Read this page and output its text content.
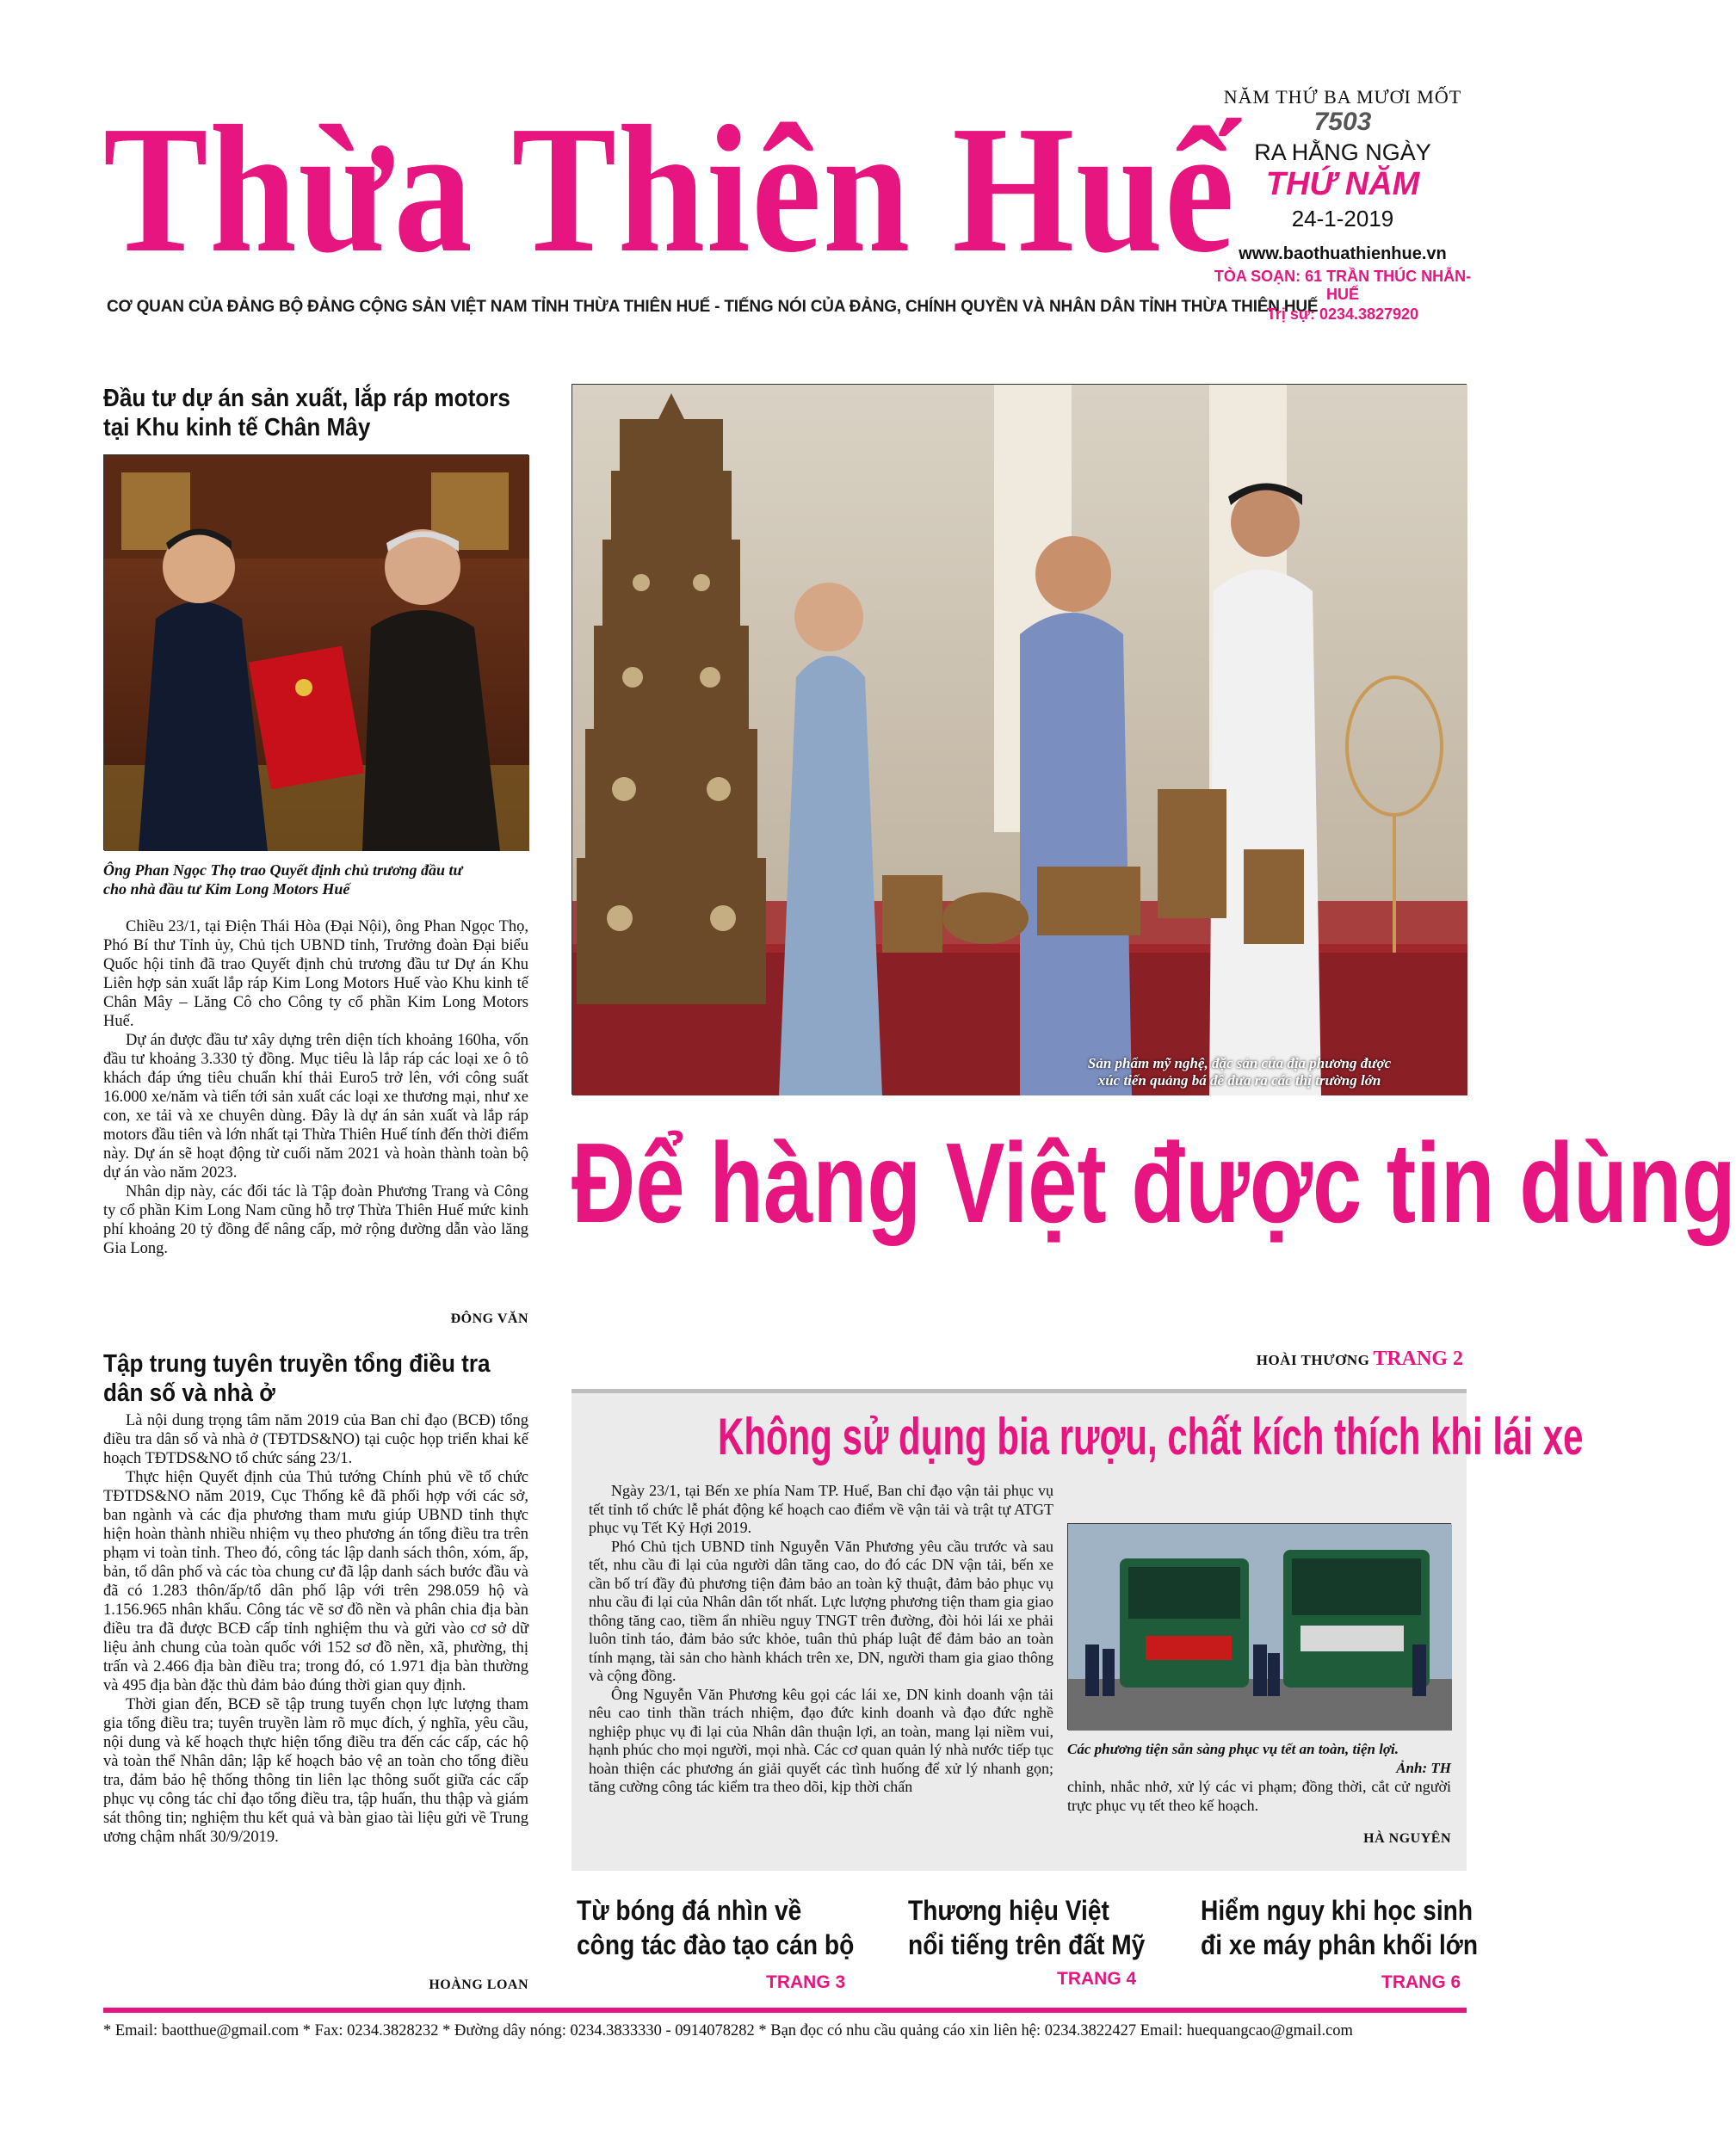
Thừa Thiên Huế
CƠ QUAN CỦA ĐẢNG BỘ ĐẢNG CỘNG SẢN VIỆT NAM TỈNH THỪA THIÊN HUẾ - TIẾNG NÓI CỦA ĐẢNG, CHÍNH QUYỀN VÀ NHÂN DÂN TỈNH THỪA THIÊN HUẾ
NĂM THỨ BA MƯƠI MỐT
7503
RA HẰNG NGÀY
THỨ NĂM
24-1-2019
www.baothuathienhue.vn
TÒA SOẠN: 61 TRẦN THÚC NHẪN-HUẾ
Trị sự: 0234.3827920
Đầu tư dự án sản xuất, lắp ráp motors
tại Khu kinh tế Chân Mây
Ông Phan Ngọc Thọ trao Quyết định chủ trương đầu tư
cho nhà đầu tư Kim Long Motors Huế

Chiều 23/1, tại Điện Thái Hòa (Đại Nội), ông Phan Ngọc Thọ, Phó Bí thư Tỉnh ủy, Chủ tịch UBND tỉnh, Trưởng đoàn Đại biểu Quốc hội tỉnh đã trao Quyết định chủ trương đầu tư Dự án Khu Liên hợp sản xuất lắp ráp Kim Long Motors Huế vào Khu kinh tế Chân Mây – Lăng Cô cho Công ty cổ phần Kim Long Motors Huế.

Dự án được đầu tư xây dựng trên diện tích khoảng 160ha, vốn đầu tư khoảng 3.330 tỷ đồng. Mục tiêu là lắp ráp các loại xe ô tô khách đáp ứng tiêu chuẩn khí thải Euro5 trở lên, với công suất 16.000 xe/năm và tiến tới sản xuất các loại xe thương mại, như xe con, xe tải và xe chuyên dùng. Đây là dự án sản xuất và lắp ráp motors đầu tiên và lớn nhất tại Thừa Thiên Huế tính đến thời điểm này. Dự án sẽ hoạt động từ cuối năm 2021 và hoàn thành toàn bộ dự án vào năm 2023.

Nhân dịp này, các đối tác là Tập đoàn Phương Trang và Công ty cổ phần Kim Long Nam cũng hỗ trợ Thừa Thiên Huế mức kinh phí khoảng 20 tỷ đồng để nâng cấp, mở rộng đường dẫn vào lăng Gia Long.

ĐÔNG VĂN
Tập trung tuyên truyền tổng điều tra
dân số và nhà ở

Là nội dung trọng tâm năm 2019 của Ban chỉ đạo (BCĐ) tổng điều tra dân số và nhà ở (TĐTDS&NO) tại cuộc họp triển khai kế hoạch TĐTDS&NO tổ chức sáng 23/1.

Thực hiện Quyết định của Thủ tướng Chính phủ về tổ chức TĐTDS&NO năm 2019, Cục Thống kê đã phối hợp với các sở, ban ngành và các địa phương tham mưu giúp UBND tỉnh thực hiện hoàn thành nhiều nhiệm vụ theo phương án tổng điều tra trên phạm vi toàn tỉnh. Theo đó, công tác lập danh sách thôn, xóm, ấp, bản, tổ dân phố và các tòa chung cư đã lập danh sách bước đầu và đã có 1.283 thôn/ấp/tổ dân phố lập với trên 298.059 hộ và 1.156.965 nhân khẩu. Công tác vẽ sơ đồ nền và phân chia địa bàn điều tra đã được BCĐ cấp tỉnh nghiệm thu và gửi vào cơ sở dữ liệu ảnh chung của toàn quốc với 152 sơ đồ nền, xã, phường, thị trấn và 2.466 địa bàn điều tra; trong đó, có 1.971 địa bàn thường và 495 địa bàn đặc thù đảm bảo đúng thời gian quy định.

Thời gian đến, BCĐ sẽ tập trung tuyển chọn lực lượng tham gia tổng điều tra; tuyên truyền làm rõ mục đích, ý nghĩa, yêu cầu, nội dung và kế hoạch thực hiện tổng điều tra đến các cấp, các hộ và toàn thể Nhân dân; lập kế hoạch bảo vệ an toàn cho tổng điều tra, đảm bảo hệ thống thông tin liên lạc thông suốt giữa các cấp phục vụ công tác chỉ đạo tổng điều tra, tập huấn, thu thập và giám sát thông tin; nghiệm thu kết quả và bàn giao tài liệu gửi về Trung ương chậm nhất 30/9/2019.

HOÀNG LOAN
Sản phẩm mỹ nghệ, đặc sản của địa phương được
xúc tiến quảng bá để đưa ra các thị trường lớn
Để hàng Việt được tin dùng
HOÀI THƯƠNG TRANG 2
Không sử dụng bia rượu, chất kích thích khi lái xe

Ngày 23/1, tại Bến xe phía Nam TP. Huế, Ban chỉ đạo vận tải phục vụ tết tỉnh tổ chức lễ phát động kế hoạch cao điểm về vận tải và trật tự ATGT phục vụ Tết Kỷ Hợi 2019.

Phó Chủ tịch UBND tỉnh Nguyễn Văn Phương yêu cầu trước và sau tết, nhu cầu đi lại của người dân tăng cao, do đó các DN vận tải, bến xe cần bố trí đầy đủ phương tiện đảm bảo an toàn kỹ thuật, đảm bảo phục vụ nhu cầu đi lại của Nhân dân tốt nhất. Lực lượng phương tiện tham gia giao thông tăng cao, tiềm ẩn nhiều nguy TNGT trên đường, đòi hỏi lái xe phải luôn tỉnh táo, đảm bảo sức khỏe, tuân thủ pháp luật để đảm bảo an toàn tính mạng, tài sản cho hành khách trên xe, DN, người tham gia giao thông và cộng đồng.

Ông Nguyễn Văn Phương kêu gọi các lái xe, DN kinh doanh vận tải nêu cao tinh thần trách nhiệm, đạo đức kinh doanh và đạo đức nghề nghiệp phục vụ đi lại của Nhân dân thuận lợi, an toàn, mang lại niềm vui, hạnh phúc cho mọi người, mọi nhà. Các cơ quan quản lý nhà nước tiếp tục hoàn thiện các phương án giải quyết các tình huống để xử lý nhanh gọn; tăng cường công tác kiểm tra theo dõi, kịp thời chấn

Các phương tiện sẵn sàng phục vụ tết an toàn, tiện lợi.
Ảnh: TH
chỉnh, nhắc nhở, xử lý các vi phạm; đồng thời, cắt cử người trực phục vụ tết theo kế hoạch.
HÀ NGUYÊN
Từ bóng đá nhìn về
công tác đào tạo cán bộ
TRANG 3
Thương hiệu Việt
nổi tiếng trên đất Mỹ
TRANG 4
Hiểm nguy khi học sinh
đi xe máy phân khối lớn
TRANG 6
* Email: baotthue@gmail.com * Fax: 0234.3828232 * Đường dây nóng: 0234.3833330 - 0914078282 * Bạn đọc có nhu cầu quảng cáo xin liên hệ: 0234.3822427 Email: huequangcao@gmail.com
